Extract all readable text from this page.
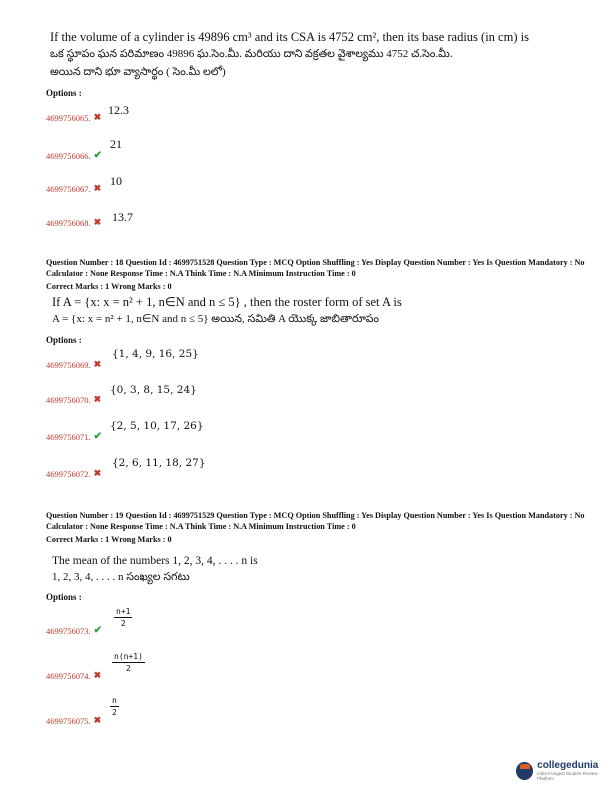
If the volume of a cylinder is 49896 cm³ and its CSA is 4752 cm², then its base radius (in cm) is
ఒక స్థూపం ఘన పరిమాణం 49896 ఘ.సెం.మీ. మరియు దాని వక్రతల వైశాల్యము 4752 చ.సెం.మీ.
అయిన దాని భూ వ్యాసార్థం ( సెం.మీ లలో)
Options :
4699756065. ✖ 12.3
4699756066. ✔
21
4699756067. ✖ 10
4699756068. ✖ 13.7
Question Number : 18 Question Id : 4699751528 Question Type : MCQ Option Shuffling : Yes Display Question Number : Yes Is Question Mandatory : No Calculator : None Response Time : N.A Think Time : N.A Minimum Instruction Time : 0
Correct Marks : 1 Wrong Marks : 0
If A = {x: x = n² + 1, n∈N and n ≤ 5} , then the roster form of set A is
A = {x: x = n² + 1, n∈N and n ≤ 5} అయిన, సమితి A యొక్క జాబితారూపం
Options :
4699756069. ✖
{1, 4, 9, 16, 25}
4699756070. ✖
{0, 3, 8, 15, 24}
4699756071. ✔
{2, 5, 10, 17, 26}
4699756072. ✖
{2, 6, 11, 18, 27}
Question Number : 19 Question Id : 4699751529 Question Type : MCQ Option Shuffling : Yes Display Question Number : Yes Is Question Mandatory : No Calculator : None Response Time : N.A Think Time : N.A Minimum Instruction Time : 0
Correct Marks : 1 Wrong Marks : 0
The mean of the numbers 1, 2, 3, 4, . . . . n is
1, 2, 3, 4, . . . . n సంఖ్యల సగటు
Options :
4699756073. ✔
$\frac{n+1}{2}$
4699756074. ✖
$\frac{n(n+1)}{2}$
4699756075. ✖
$\frac{n}{2}$
collegedunia
India's largest Student Review Platform
